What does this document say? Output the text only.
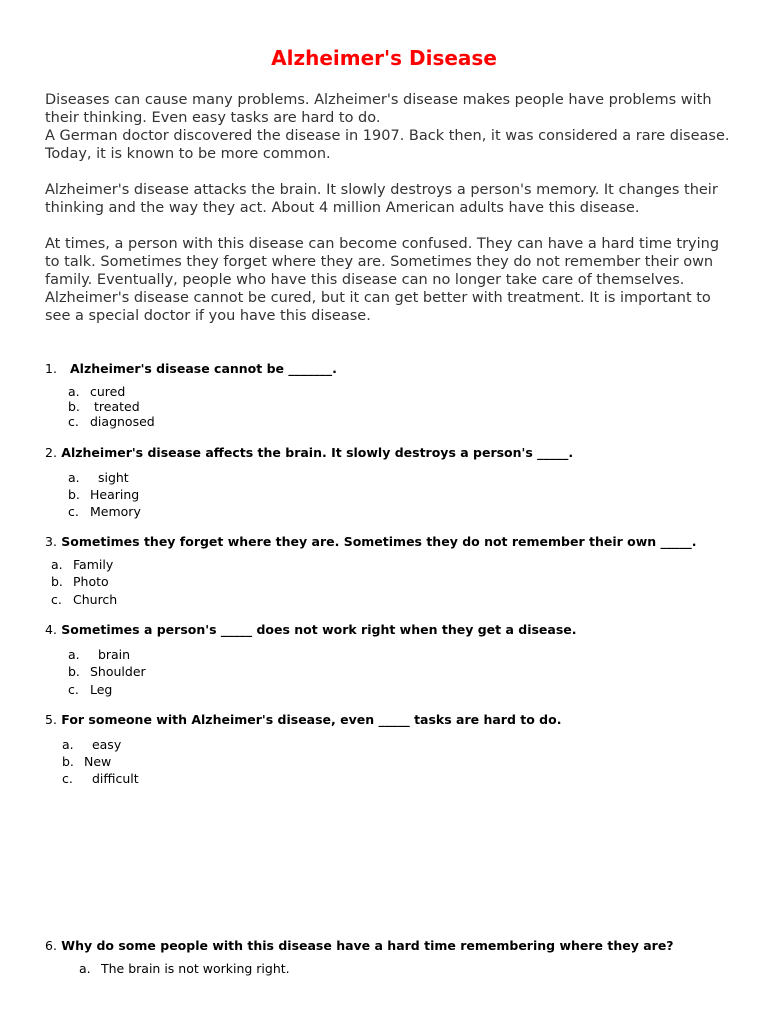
Alzheimer's Disease

Diseases can cause many problems. Alzheimer's disease makes people have problems with their thinking. Even easy tasks are hard to do.

A German doctor discovered the disease in 1907. Back then, it was considered a rare disease. Today, it is known to be more common.

Alzheimer's disease attacks the brain. It slowly destroys a person's memory. It changes their thinking and the way they act. About 4 million American adults have this disease.

At times, a person with this disease can become confused. They can have a hard time trying to talk. Sometimes they forget where they are. Sometimes they do not remember their own family. Eventually, people who have this disease can no longer take care of themselves.

Alzheimer's disease cannot be cured, but it can get better with treatment. It is important to see a special doctor if you have this disease.

1. Alzheimer's disease cannot be _______.
a. cured
b. treated
c. diagnosed
2. Alzheimer's disease affects the brain. It slowly destroys a person's _____.
a. sight
b. Hearing
c. Memory
3. Sometimes they forget where they are. Sometimes they do not remember their own _____.
a. Family
b. Photo
c. Church
4. Sometimes a person's _____ does not work right when they get a disease.
a. brain
b. Shoulder
c. Leg
5. For someone with Alzheimer's disease, even _____ tasks are hard to do.
a. easy
b. New
c. difficult
6. Why do some people with this disease have a hard time remembering where they are?
a. The brain is not working right.
